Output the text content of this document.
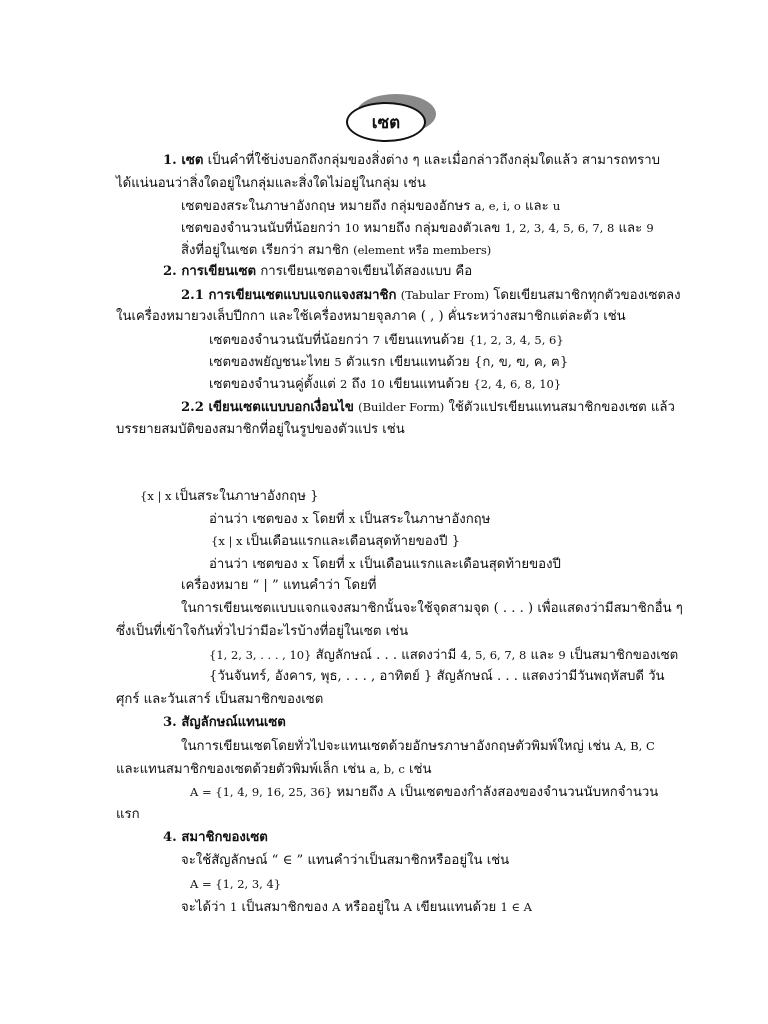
เซต
1. เซต เป็นคำที่ใช้บ่งบอกถึงกลุ่มของสิ่งต่าง ๆ และเมื่อกล่าวถึงกลุ่มใดแล้ว สามารถทราบ
ได้แน่นอนว่าสิ่งใดอยู่ในกลุ่มและสิ่งใดไม่อยู่ในกลุ่ม เช่น
เซตของสระในภาษาอังกฤษ หมายถึง กลุ่มของอักษร a, e, i, o และ u
เซตของจำนวนนับที่น้อยกว่า 10 หมายถึง กลุ่มของตัวเลข 1, 2, 3, 4, 5, 6, 7, 8 และ 9
สิ่งที่อยู่ในเซต เรียกว่า สมาชิก (element หรือ members)
2. การเขียนเซต การเขียนเซตอาจเขียนได้สองแบบ คือ
2.1 การเขียนเซตแบบแจกแจงสมาชิก (Tabular From) โดยเขียนสมาชิกทุกตัวของเซตลง
ในเครื่องหมายวงเล็บปีกกา และใช้เครื่องหมายจุลภาค ( , ) คั่นระหว่างสมาชิกแต่ละตัว เช่น
เซตของจำนวนนับที่น้อยกว่า 7 เขียนแทนด้วย {1, 2, 3, 4, 5, 6}
เซตของพยัญชนะไทย 5 ตัวแรก เขียนแทนด้วย {ก, ข, ฃ, ค, ฅ}
เซตของจำนวนคู่ตั้งแต่ 2 ถึง 10 เขียนแทนด้วย {2, 4, 6, 8, 10}
2.2 เขียนเซตแบบบอกเงื่อนไข (Builder Form) ใช้ตัวแปรเขียนแทนสมาชิกของเซต แล้ว
บรรยายสมบัติของสมาชิกที่อยู่ในรูปของตัวแปร เช่น
{x | x เป็นสระในภาษาอังกฤษ }
อ่านว่า เซตของ x โดยที่ x เป็นสระในภาษาอังกฤษ
{x | x เป็นเดือนแรกและเดือนสุดท้ายของปี }
อ่านว่า เซตของ x โดยที่ x เป็นเดือนแรกและเดือนสุดท้ายของปี
เครื่องหมาย “ | ” แทนคำว่า โดยที่
ในการเขียนเซตแบบแจกแจงสมาชิกนั้นจะใช้จุดสามจุด ( . . . ) เพื่อแสดงว่ามีสมาชิกอื่น ๆ
ซึ่งเป็นที่เข้าใจกันทั่วไปว่ามีอะไรบ้างที่อยู่ในเซต เช่น
{1, 2, 3, . . . , 10} สัญลักษณ์ . . . แสดงว่ามี 4, 5, 6, 7, 8 และ 9 เป็นสมาชิกของเซต
{วันจันทร์, อังคาร, พุธ, . . . , อาทิตย์ } สัญลักษณ์ . . . แสดงว่ามีวันพฤหัสบดี วัน
ศุกร์ และวันเสาร์ เป็นสมาชิกของเซต
3. สัญลักษณ์แทนเซต
ในการเขียนเซตโดยทั่วไปจะแทนเซตด้วยอักษรภาษาอังกฤษตัวพิมพ์ใหญ่ เช่น A, B, C
และแทนสมาชิกของเซตด้วยตัวพิมพ์เล็ก เช่น a, b, c เช่น
A = {1, 4, 9, 16, 25, 36} หมายถึง A เป็นเซตของกำลังสองของจำนวนนับหกจำนวน
แรก
4. สมาชิกของเซต
จะใช้สัญลักษณ์ “ ∈ ” แทนคำว่าเป็นสมาชิกหรืออยู่ใน เช่น
A = {1, 2, 3, 4}
จะได้ว่า 1 เป็นสมาชิกของ A หรืออยู่ใน A เขียนแทนด้วย 1 ∈ A
